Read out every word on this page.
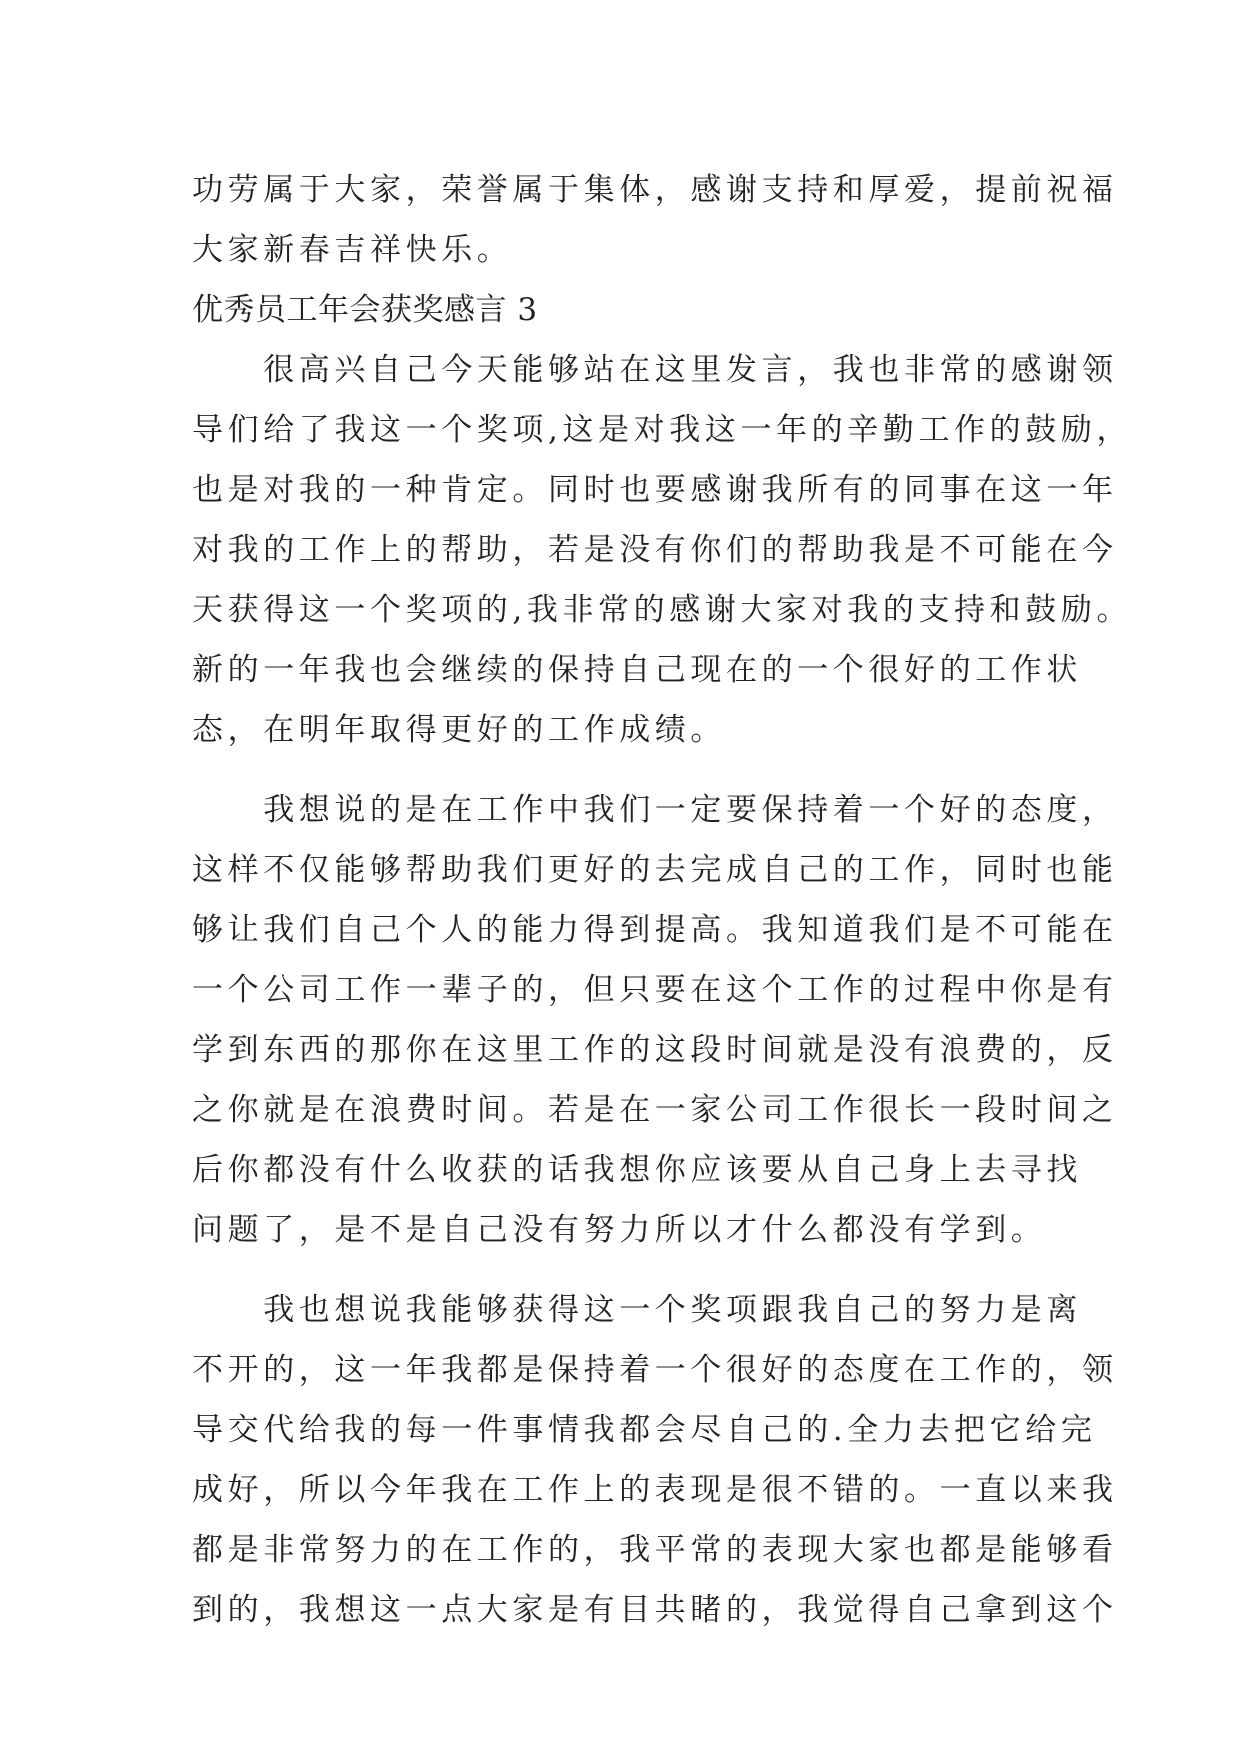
功劳属于大家，荣誉属于集体，感谢支持和厚爱，提前祝福
大家新春吉祥快乐。
优秀员工年会获奖感言 3
　　很高兴自己今天能够站在这里发言，我也非常的感谢领
导们给了我这一个奖项,这是对我这一年的辛勤工作的鼓励，
也是对我的一种肯定。同时也要感谢我所有的同事在这一年
对我的工作上的帮助，若是没有你们的帮助我是不可能在今
天获得这一个奖项的,我非常的感谢大家对我的支持和鼓励。
新的一年我也会继续的保持自己现在的一个很好的工作状
态，在明年取得更好的工作成绩。
　　我想说的是在工作中我们一定要保持着一个好的态度，
这样不仅能够帮助我们更好的去完成自己的工作，同时也能
够让我们自己个人的能力得到提高。我知道我们是不可能在
一个公司工作一辈子的，但只要在这个工作的过程中你是有
学到东西的那你在这里工作的这段时间就是没有浪费的，反
之你就是在浪费时间。若是在一家公司工作很长一段时间之
后你都没有什么收获的话我想你应该要从自己身上去寻找
问题了，是不是自己没有努力所以才什么都没有学到。
　　我也想说我能够获得这一个奖项跟我自己的努力是离
不开的，这一年我都是保持着一个很好的态度在工作的，领
导交代给我的每一件事情我都会尽自己的.全力去把它给完
成好，所以今年我在工作上的表现是很不错的。一直以来我
都是非常努力的在工作的，我平常的表现大家也都是能够看
到的，我想这一点大家是有目共睹的，我觉得自己拿到这个
